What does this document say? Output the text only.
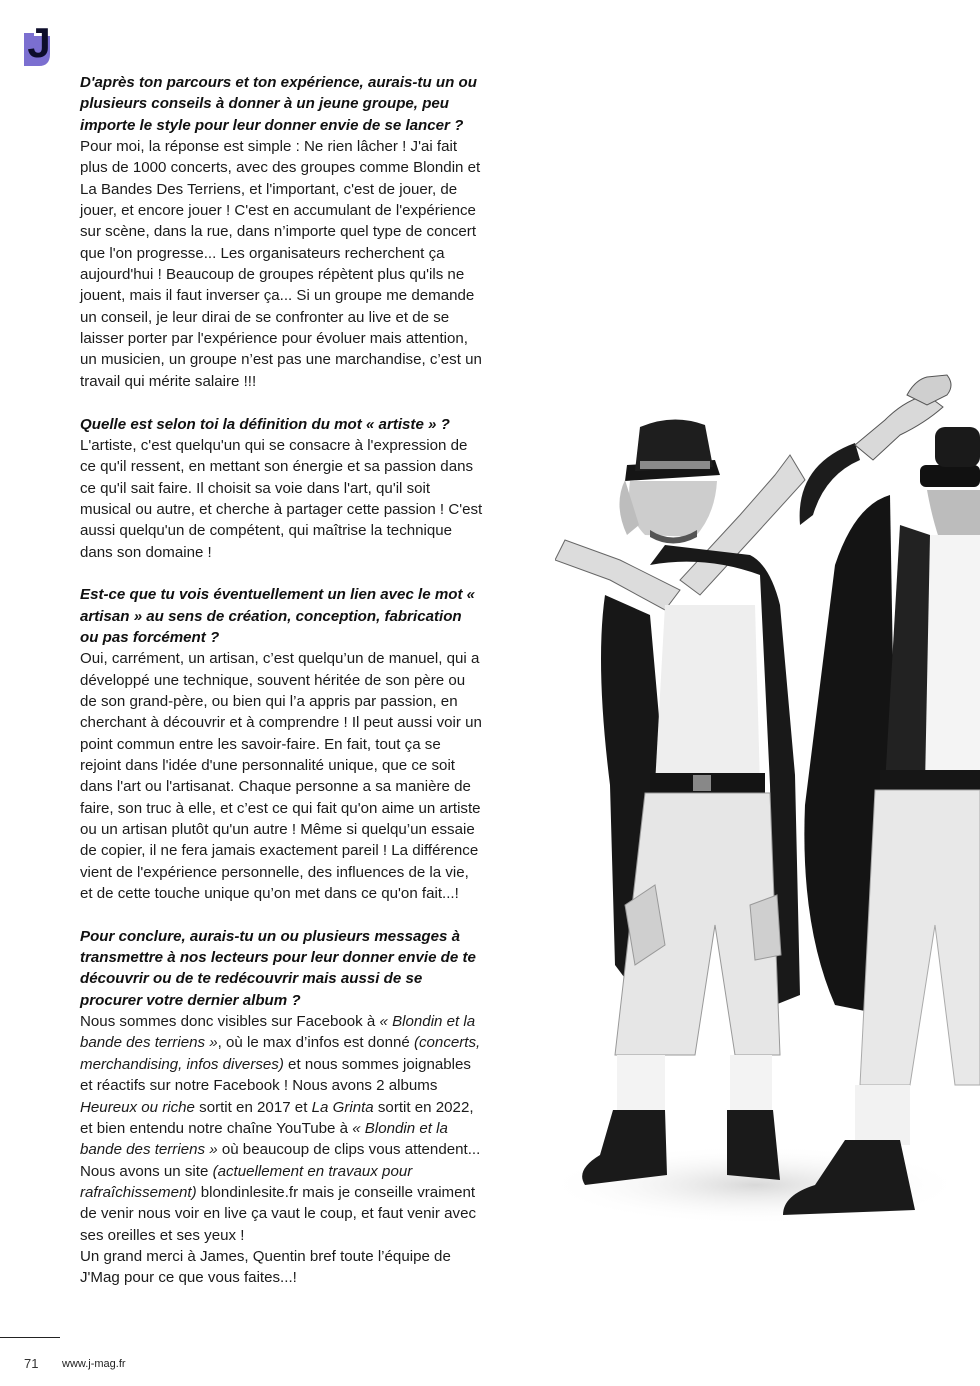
J

D'après ton parcours et ton expérience, aurais-tu un ou plusieurs conseils à donner à un jeune groupe, peu importe le style pour leur donner envie de se lancer ?

Pour moi, la réponse est simple : Ne rien lâcher ! J'ai fait plus de 1000 concerts, avec des groupes comme Blondin et La Bandes Des Terriens, et l'important, c'est de jouer, de jouer, et encore jouer ! C'est en accumulant de l'expérience sur scène, dans la rue, dans n’importe quel type de concert que l'on progresse... Les organisateurs recherchent ça aujourd'hui ! Beaucoup de groupes répètent plus qu'ils ne jouent, mais il faut inverser ça... Si un groupe me demande un conseil, je leur dirai de se confronter au live et de se laisser porter par l'expérience pour évoluer mais attention, un musicien, un groupe n’est pas une marchandise, c’est un travail qui mérite salaire !!!

Quelle est selon toi la définition du mot « artiste » ?

L'artiste, c'est quelqu'un qui se consacre à l'expression de ce qu'il ressent, en mettant son énergie et sa passion dans ce qu'il sait faire. Il choisit sa voie dans l'art, qu'il soit musical ou autre, et cherche à partager cette passion ! C'est aussi quelqu'un de compétent, qui maîtrise la technique dans son domaine !

Est-ce que tu vois éventuellement un lien avec le mot « artisan » au sens de création, conception, fabrication ou pas forcément ?

Oui, carrément, un artisan, c’est quelqu’un de manuel, qui a développé une technique, souvent héritée de son père ou de son grand-père, ou bien qui l’a appris par passion, en cherchant à découvrir et à comprendre ! Il peut aussi voir un point commun entre les savoir-faire. En fait, tout ça se rejoint dans l'idée d'une personnalité unique, que ce soit dans l'art ou l'artisanat. Chaque personne a sa manière de faire, son truc à elle, et c’est ce qui fait qu'on aime un artiste ou un artisan plutôt qu'un autre ! Même si quelqu’un essaie de copier, il ne fera jamais exactement pareil ! La différence vient de l'expérience personnelle, des influences de la vie, et de cette touche unique qu’on met dans ce qu'on fait...!

Pour conclure, aurais-tu un ou plusieurs messages à transmettre à nos lecteurs pour leur donner envie de te découvrir ou de te redécouvrir mais aussi de se procurer votre dernier album ?

Nous sommes donc visibles sur Facebook à « Blondin et la bande des terriens », où le max d’infos est donné (concerts, merchandising, infos diverses) et nous sommes joignables et réactifs sur notre Facebook ! Nous avons 2 albums Heureux ou riche sortit en 2017 et La Grinta sortit en 2022, et bien entendu notre chaîne YouTube à « Blondin et la bande des terriens » où beaucoup de clips vous attendent... Nous avons un site (actuellement en travaux pour rafraîchissement) blondinlesite.fr mais je conseille vraiment de venir nous voir en live ça vaut le coup, et faut venir avec ses oreilles et ses yeux !

Un grand merci à James, Quentin bref toute l’équipe de J'Mag pour ce que vous faites...!

71 www.j-mag.fr
